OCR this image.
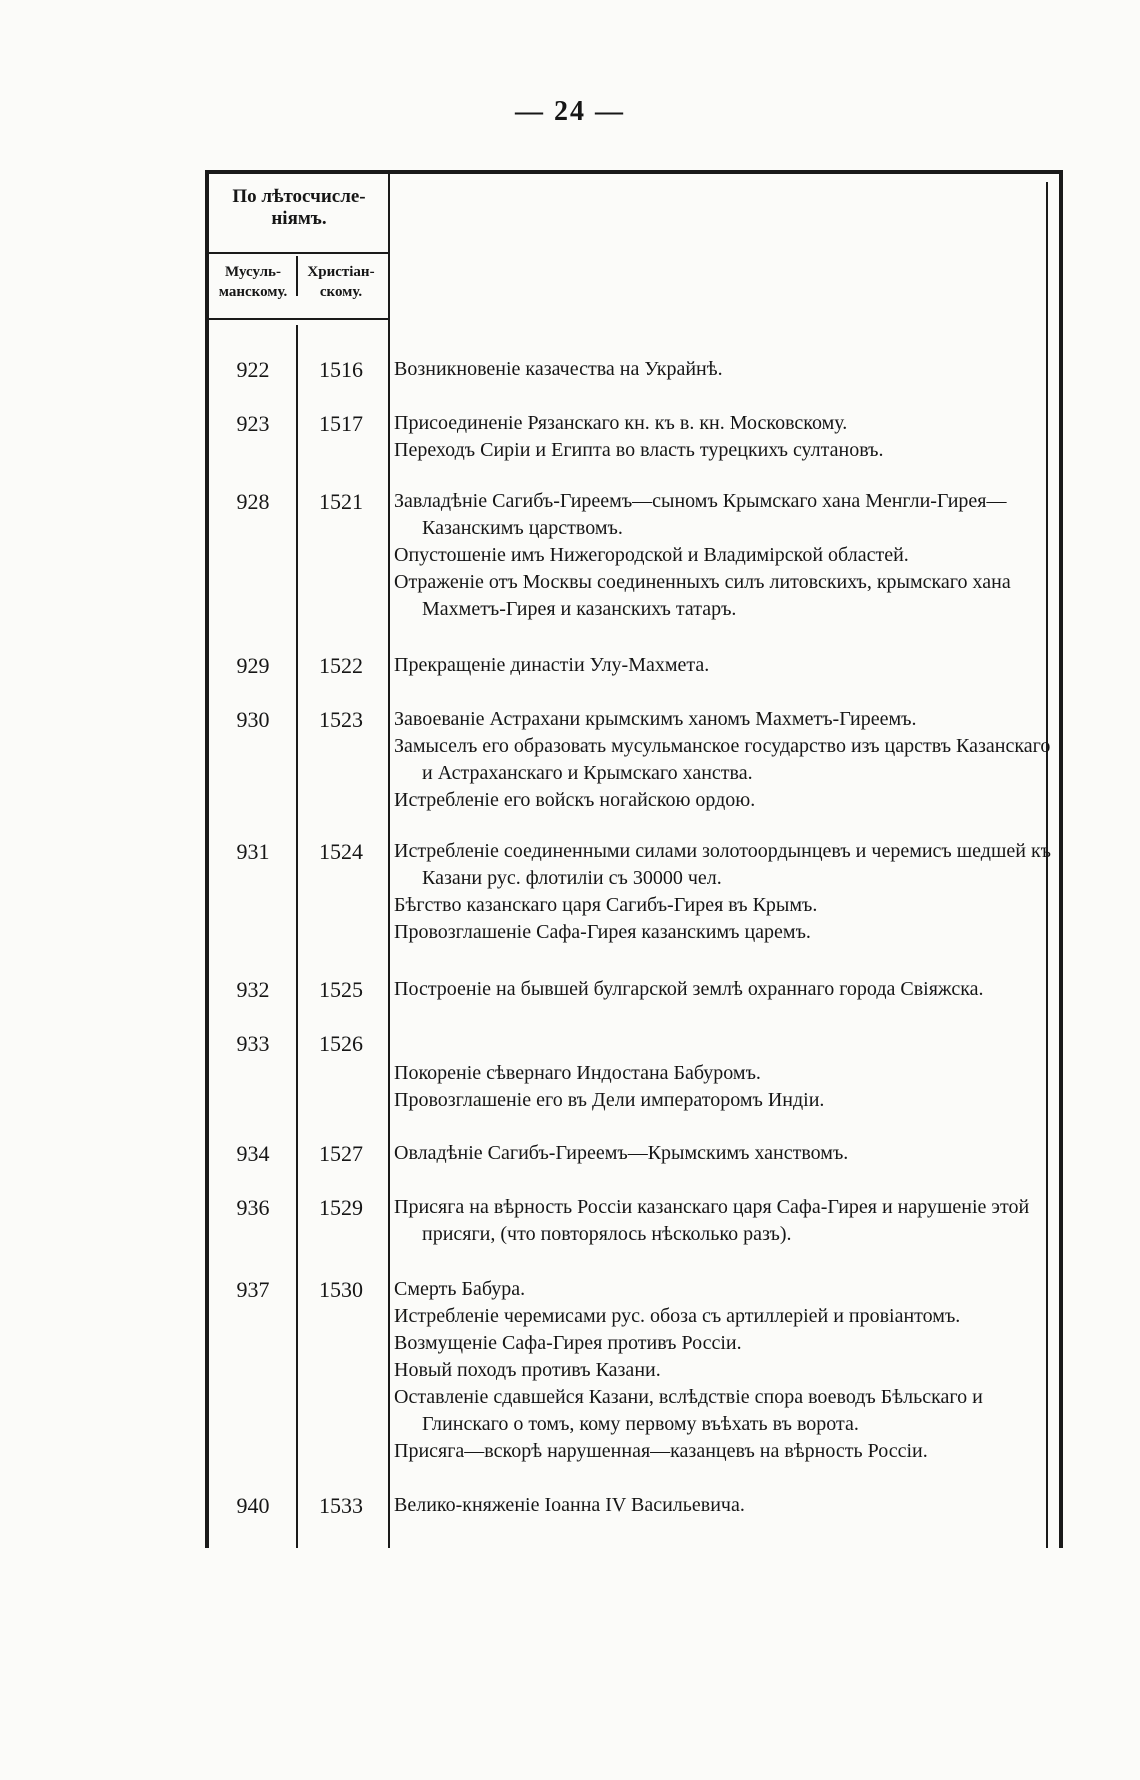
— 24 —
По лѣтосчисле-
ніямъ.
Мусуль-
манскому.
Христіан-
скому.
922	1516	Возникновеніе казачества на Украйнѣ.

923	1517	Присоединеніе Рязанскаго кн. къ в. кн. Московскому.

Переходъ Сиріи и Египта во власть турецкихъ султановъ.

928	1521	Завладѣніе Сагибъ-Гиреемъ—сыномъ Крымскаго хана Менгли-Гирея—Казанскимъ царствомъ.

Опустошеніе имъ Нижегородской и Владимірской областей.

Отраженіе отъ Москвы соединенныхъ силъ литовскихъ, крымскаго хана Махметъ-Гирея и казанскихъ татаръ.

929	1522	Прекращеніе династіи Улу-Махмета.

930	1523	Завоеваніе Астрахани крымскимъ ханомъ Махметъ-Гиреемъ.

Замыселъ его образовать мусульманское государство изъ царствъ Казанскаго и Астраханскаго и Крымскаго ханства.

Истребленіе его войскъ ногайскою ордою.

931	1524	Истребленіе соединенными силами золотоордынцевъ и черемисъ шедшей къ Казани рус. флотиліи съ 30000 чел.

Бѣгство казанскаго царя Сагибъ-Гирея въ Крымъ.

Провозглашеніе Сафа-Гирея казанскимъ царемъ.

932	1525	Построеніе на бывшей булгарской землѣ охраннаго города Свіяжска.

933	1526

Покореніе сѣвернаго Индостана Бабуромъ.

Провозглашеніе его въ Дели императоромъ Индіи.

934	1527	Овладѣніе Сагибъ-Гиреемъ—Крымскимъ ханствомъ.

936	1529	Присяга на вѣрность Россіи казанскаго царя Сафа-Гирея и нарушеніе этой присяги, (что повторялось нѣсколько разъ).

937	1530	Смерть Бабура.

Истребленіе черемисами рус. обоза съ артиллеріей и провіантомъ.

Возмущеніе Сафа-Гирея противъ Россіи.

Новый походъ противъ Казани.

Оставленіе сдавшейся Казани, вслѣдствіе спора воеводъ Бѣльскаго и Глинскаго о томъ, кому первому въѣхать въ ворота.

Присяга—вскорѣ нарушенная—казанцевъ на вѣрность Россіи.

940	1533	Велико-княженіе Іоанна IV Васильевича.
